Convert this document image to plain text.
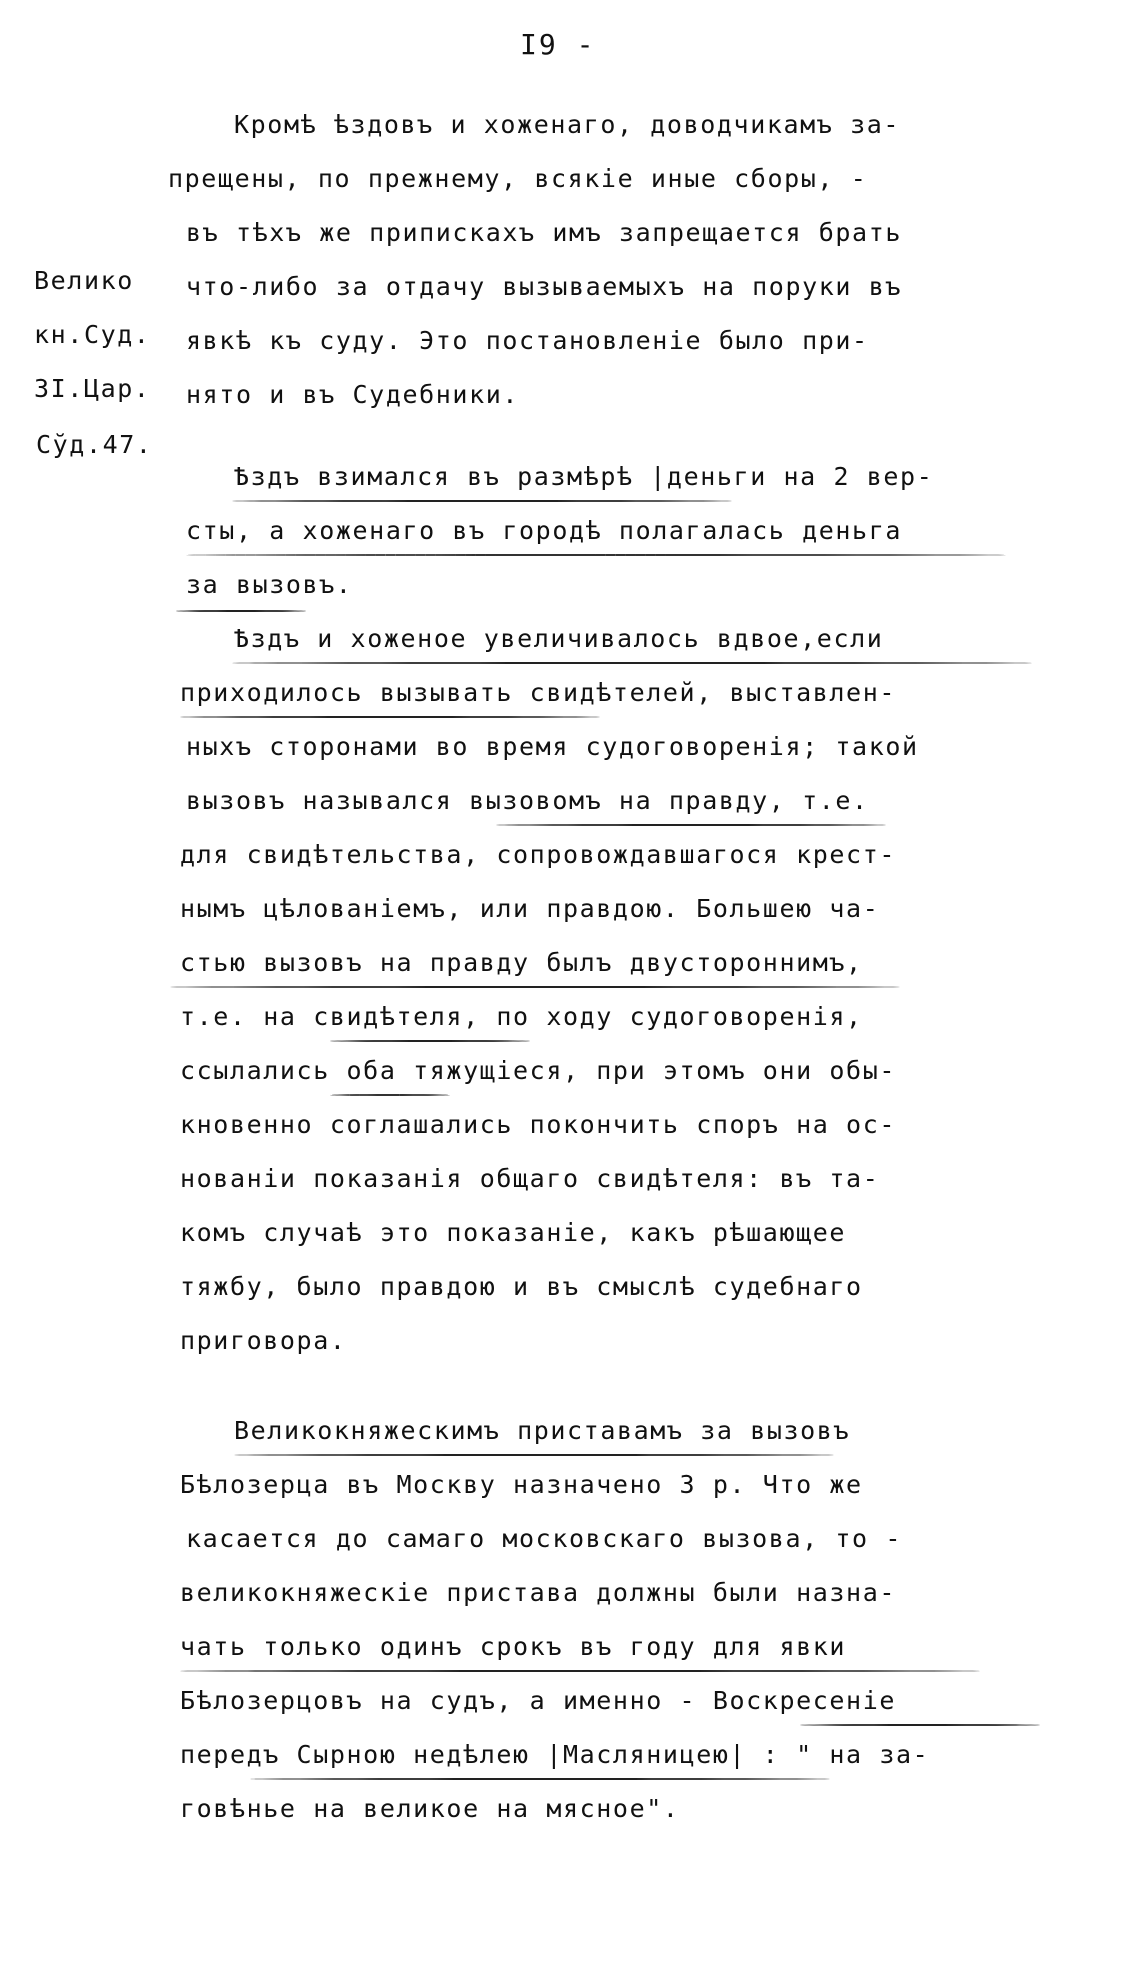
I9 -
Велико
кн.Суд.
3I.Цар.
Сўд.47.
Кромѣ ѣздовъ и хоженаго, доводчикамъ за-
прещены, по прежнему, всякіе иные сборы, -
въ тѣхъ же припискахъ имъ запрещается брать
что-либо за отдачу вызываемыхъ на поруки въ
явкѣ къ суду. Это постановленіе было при-
нято и въ Судебники.
Ѣздъ взимался въ размѣрѣ |деньги на 2 вер-
сты, а хоженаго въ городѣ полагалась деньга
за вызовъ.
Ѣздъ и хоженое увеличивалось вдвое,если
приходилось вызывать свидѣтелей, выставлен-
ныхъ сторонами во время судоговоренія; такой
вызовъ назывался вызовомъ на правду, т.е.
для свидѣтельства, сопровождавшагося крест-
нымъ цѣлованіемъ, или правдою. Большею ча-
стью вызовъ на правду былъ двустороннимъ,
т.е. на свидѣтеля, по ходу судоговоренія,
ссылались оба тяжущіеся, при этомъ они обы-
кновенно соглашались покончить споръ на ос-
нованіи показанія общаго свидѣтеля: въ та-
комъ случаѣ это показаніе, какъ рѣшающее
тяжбу, было правдою и въ смыслѣ судебнаго
приговора.
Великокняжескимъ приставамъ за вызовъ
Бѣлозерца въ Москву назначено 3 р. Что же
касается до самаго московскаго вызова, то -
великокняжескіе пристава должны были назна-
чать только одинъ срокъ въ году для явки
Бѣлозерцовъ на судъ, а именно - Воскресеніе
передъ Сырною недѣлею |Масляницею| : " на за-
говѣнье на великое на мясное".
